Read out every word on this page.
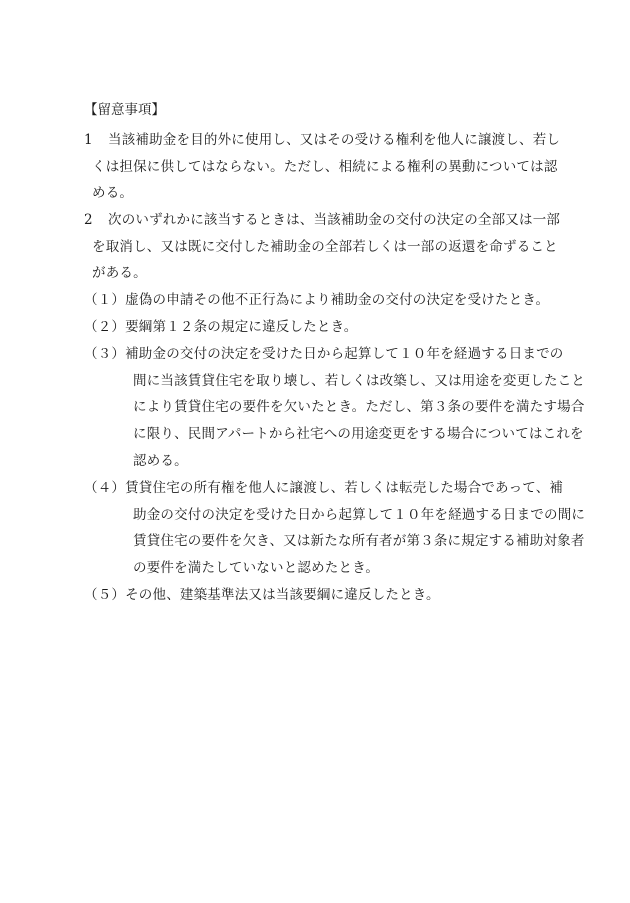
【留意事項】
1 当該補助金を目的外に使用し、又はその受ける権利を他人に譲渡し、若し
くは担保に供してはならない。ただし、相続による権利の異動については認
める。
2 次のいずれかに該当するときは、当該補助金の交付の決定の全部又は一部
を取消し、又は既に交付した補助金の全部若しくは一部の返還を命ずること
がある。
（１）虚偽の申請その他不正行為により補助金の交付の決定を受けたとき。
（２）要綱第１２条の規定に違反したとき。
（３）補助金の交付の決定を受けた日から起算して１０年を経過する日までの
間に当該賃貸住宅を取り壊し、若しくは改築し、又は用途を変更したこと
により賃貸住宅の要件を欠いたとき。ただし、第３条の要件を満たす場合
に限り、民間アパートから社宅への用途変更をする場合についてはこれを
認める。
（４）賃貸住宅の所有権を他人に譲渡し、若しくは転売した場合であって、補
助金の交付の決定を受けた日から起算して１０年を経過する日までの間に
賃貸住宅の要件を欠き、又は新たな所有者が第３条に規定する補助対象者
の要件を満たしていないと認めたとき。
（５）その他、建築基準法又は当該要綱に違反したとき。
